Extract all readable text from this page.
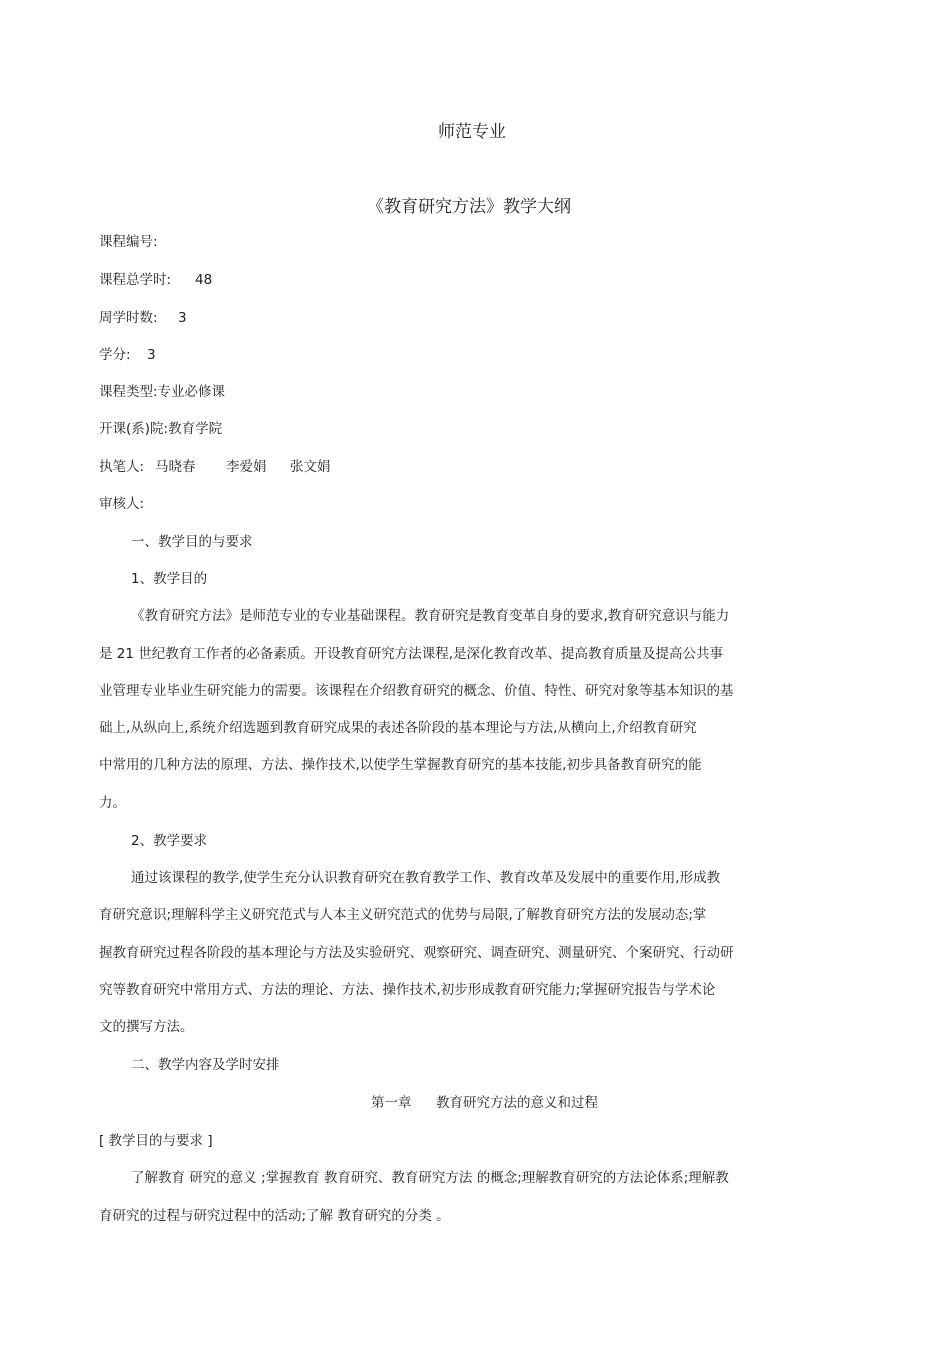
师范专业
《教育研究方法》教学大纲
课程编号:
课程总学时: 48
周学时数: 3
学分: 3
课程类型:专业必修课
开课(系)院:教育学院
执笔人: 马晓春 李爱娟 张文娟
审核人:
一、教学目的与要求
1、教学目的
《教育研究方法》是师范专业的专业基础课程。教育研究是教育变革自身的要求,教育研究意识与能力
是 21 世纪教育工作者的必备素质。开设教育研究方法课程,是深化教育改革、提高教育质量及提高公共事
业管理专业毕业生研究能力的需要。该课程在介绍教育研究的概念、价值、特性、研究对象等基本知识的基
础上,从纵向上,系统介绍选题到教育研究成果的表述各阶段的基本理论与方法,从横向上,介绍教育研究
中常用的几种方法的原理、方法、操作技术,以使学生掌握教育研究的基本技能,初步具备教育研究的能
力。
2、教学要求
通过该课程的教学,使学生充分认识教育研究在教育教学工作、教育改革及发展中的重要作用,形成教
育研究意识;理解科学主义研究范式与人本主义研究范式的优势与局限,了解教育研究方法的发展动态;掌
握教育研究过程各阶段的基本理论与方法及实验研究、观察研究、调查研究、测量研究、个案研究、行动研
究等教育研究中常用方式、方法的理论、方法、操作技术,初步形成教育研究能力;掌握研究报告与学术论
文的撰写方法。
二、教学内容及学时安排
第一章 教育研究方法的意义和过程
[ 教学目的与要求 ]
了解教育 研究的意义 ;掌握教育 教育研究、教育研究方法 的概念;理解教育研究的方法论体系;理解教
育研究的过程与研究过程中的活动;了解 教育研究的分类 。
